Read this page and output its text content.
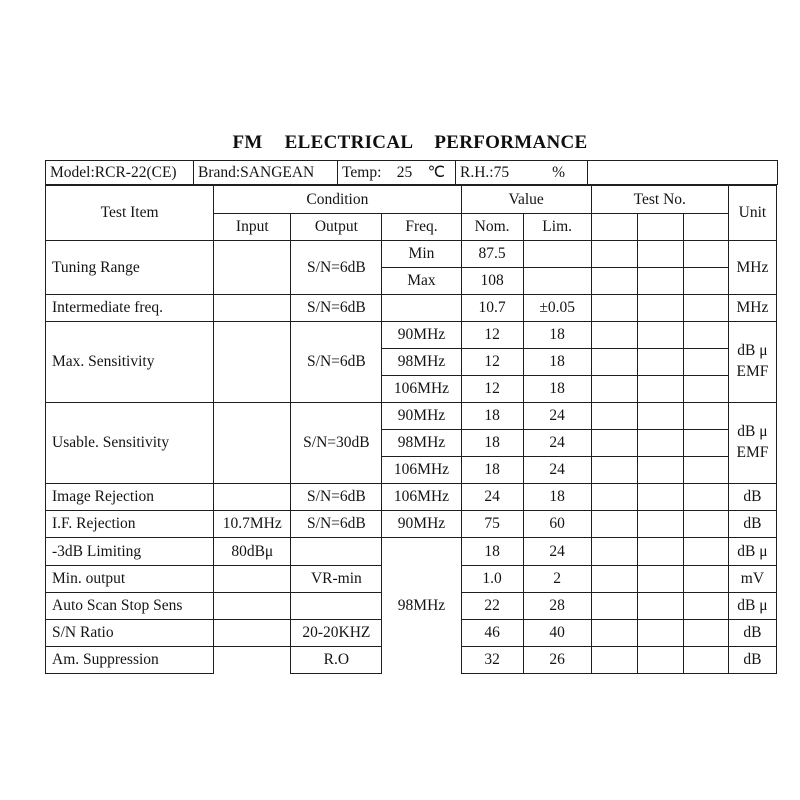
FM ELECTRICAL PERFORMANCE
Model:RCR-22(CE)	Brand:SANGEAN	Temp: 25 ℃	R.H.:75	%

Test Item	Condition			Value		Test No.			Unit
	Input	Output	Freq.	Nom.	Lim.				
Tuning Range		S/N=6dB	Min	87.5					MHz
			Max	108					
Intermediate freq.		S/N=6dB		10.7	±0.05				MHz
Max. Sensitivity		S/N=6dB	90MHz	12	18				dB μ
EMF

			98MHz	12	18				
			106MHz	12	18				
Usable. Sensitivity		S/N=30dB	90MHz	18	24				dB μ
EMF

			98MHz	18	24				
			106MHz	18	24				
Image Rejection		S/N=6dB	106MHz	24	18				dB
I.F. Rejection	10.7MHz	S/N=6dB	90MHz	75	60				dB
-3dB Limiting	80dBμ		98MHz	18	24				dB μ
Min. output		VR-min		1.0	2				mV
Auto Scan Stop Sens				22	28				dB μ
S/N Ratio		20-20KHZ		46	40				dB
Am. Suppression		R.O		32	26				dB
